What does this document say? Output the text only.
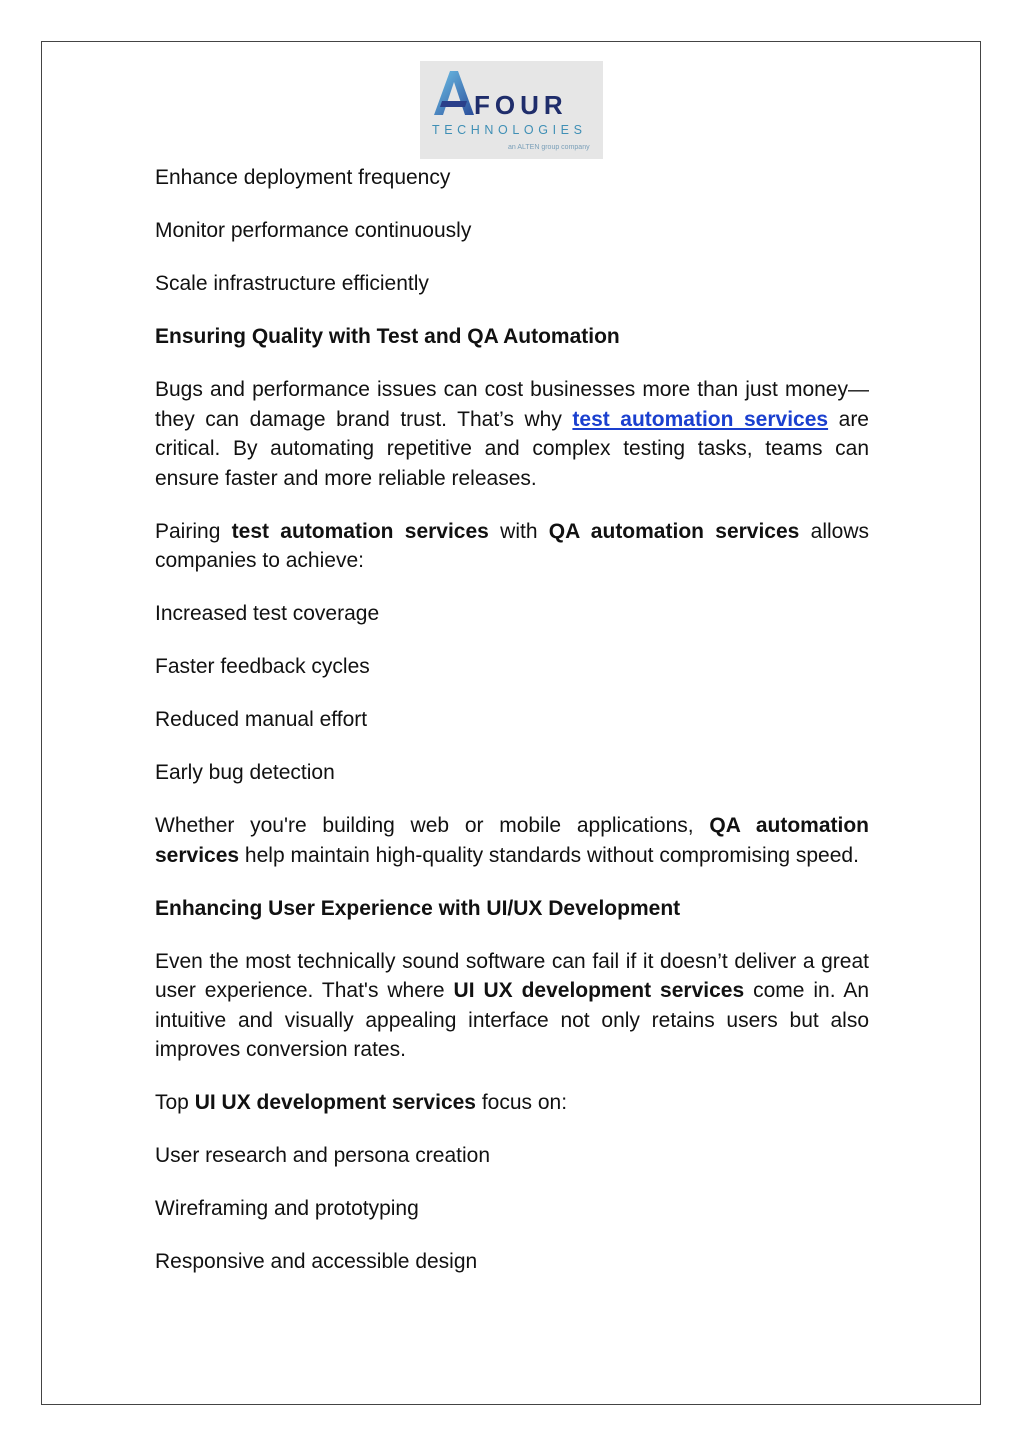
FOUR
TECHNOLOGIES
an ALTEN group company

Enhance deployment frequency

Monitor performance continuously

Scale infrastructure efficiently

Ensuring Quality with Test and QA Automation

Bugs and performance issues can cost businesses more than just money—they can damage brand trust. That’s why test automation services are critical. By automating repetitive and complex testing tasks, teams can ensure faster and more reliable releases.

Pairing test automation services with QA automation services allows companies to achieve:

Increased test coverage

Faster feedback cycles

Reduced manual effort

Early bug detection

Whether you're building web or mobile applications, QA automation services help maintain high-quality standards without compromising speed.

Enhancing User Experience with UI/UX Development

Even the most technically sound software can fail if it doesn’t deliver a great user experience. That's where UI UX development services come in. An intuitive and visually appealing interface not only retains users but also improves conversion rates.

Top UI UX development services focus on:

User research and persona creation

Wireframing and prototyping

Responsive and accessible design
